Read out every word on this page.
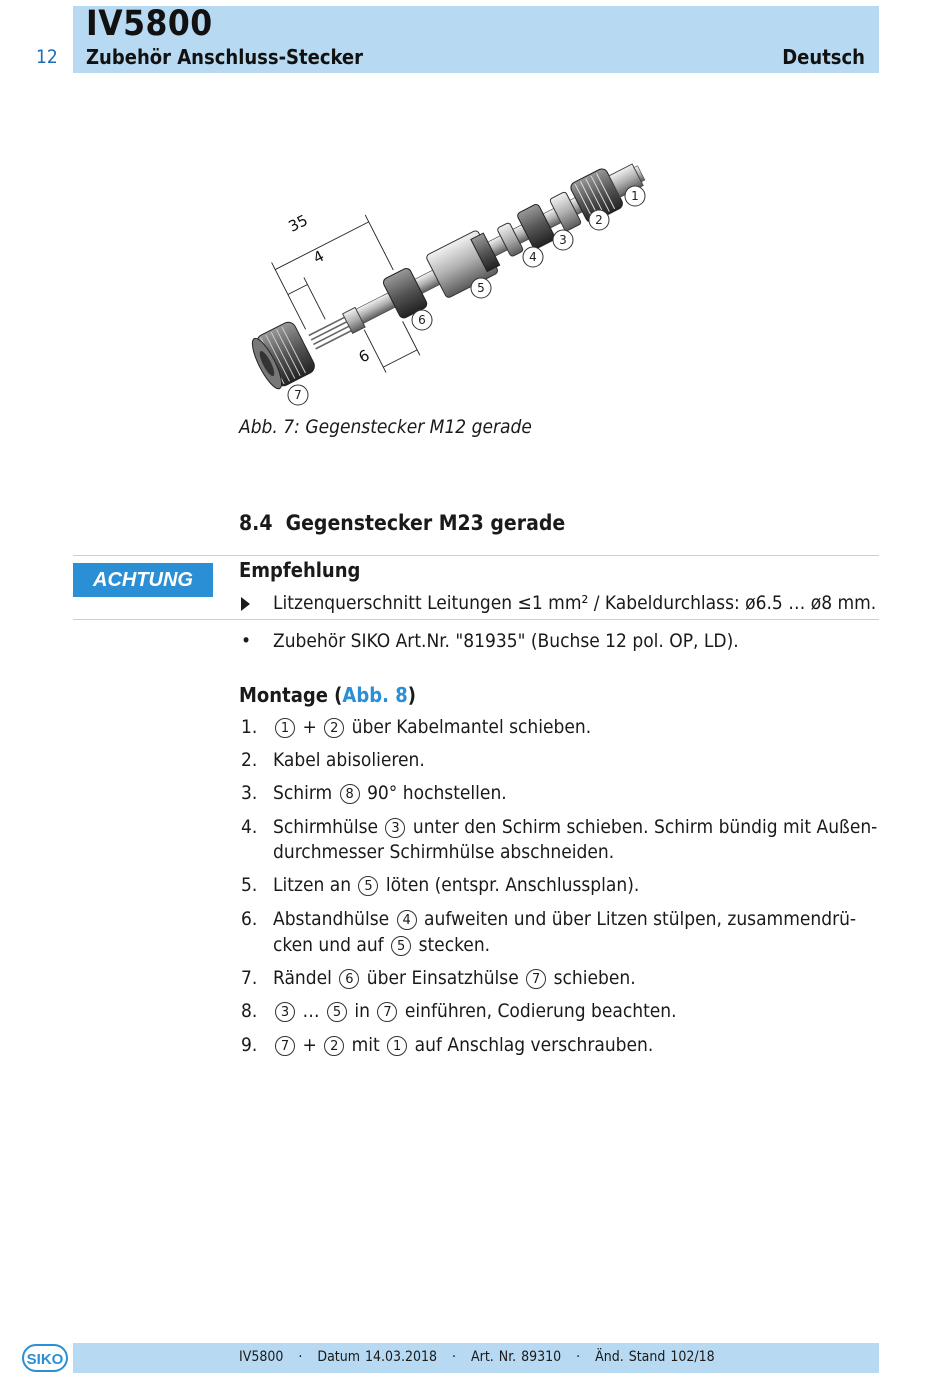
12
IV5800
Zubehör Anschluss-Stecker	Deutsch
35
4
6
1
2
3
4
5
6
7
Abb. 7: Gegenstecker M12 gerade
8.4  Gegenstecker M23 gerade
ACHTUNG	Empfehlung
Litzenquerschnitt Leitungen ≤1 mm² / Kabeldurchlass: ø6.5 … ø8 mm.
• Zubehör SIKO Art.Nr. "81935" (Buchse 12 pol. OP, LD).
Montage (Abb. 8)
1.	1 + 2 über Kabelmantel schieben.
2. Kabel abisolieren.
3. Schirm 8 90° hochstellen.
4. Schirmhülse 3 unter den Schirm schieben. Schirm bündig mit Außen-
durchmesser Schirmhülse abschneiden.
5. Litzen an 5 löten (entspr. Anschlussplan).
6. Abstandhülse 4 aufweiten und über Litzen stülpen, zusammendrü-
cken und auf 5 stecken.
7. Rändel 6 über Einsatzhülse 7 schieben.
8.	3 … 5 in 7 einführen, Codierung beachten.
9.	7 + 2 mit 1 auf Anschlag verschrauben.
SIKO	IV5800   ·   Datum 14.03.2018   ·   Art. Nr. 89310   ·   Änd. Stand 102/18
